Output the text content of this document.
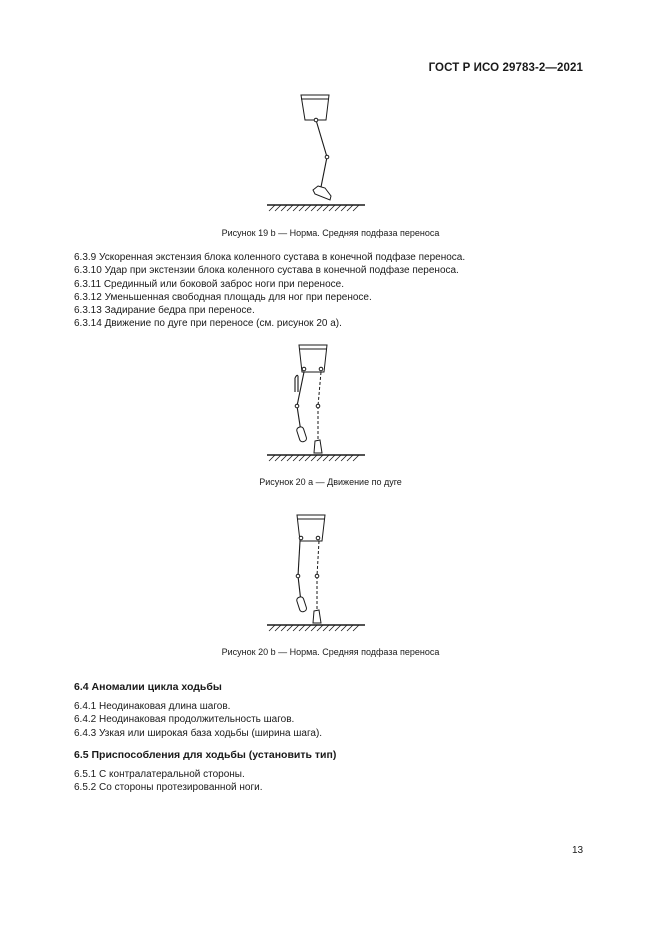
ГОСТ Р ИСО 29783-2—2021
Рисунок 19 b — Норма. Средняя подфаза переноса
6.3.9 Ускоренная экстензия блока коленного сустава в конечной подфазе переноса.
6.3.10 Удар при экстензии блока коленного сустава в конечной подфазе переноса.
6.3.11 Срединный или боковой заброс ноги при переносе.
6.3.12 Уменьшенная свободная площадь для ног при переносе.
6.3.13 Задирание бедра при переносе.
6.3.14 Движение по дуге при переносе (см. рисунок 20 a).
Рисунок 20 a — Движение по дуге
Рисунок 20 b — Норма. Средняя подфаза переноса
6.4 Аномалии цикла ходьбы
6.4.1 Неодинаковая длина шагов.
6.4.2 Неодинаковая продолжительность шагов.
6.4.3 Узкая или широкая база ходьбы (ширина шага).
6.5 Приспособления для ходьбы (установить тип)
6.5.1 С контралатеральной стороны.
6.5.2 Со стороны протезированной ноги.
13
